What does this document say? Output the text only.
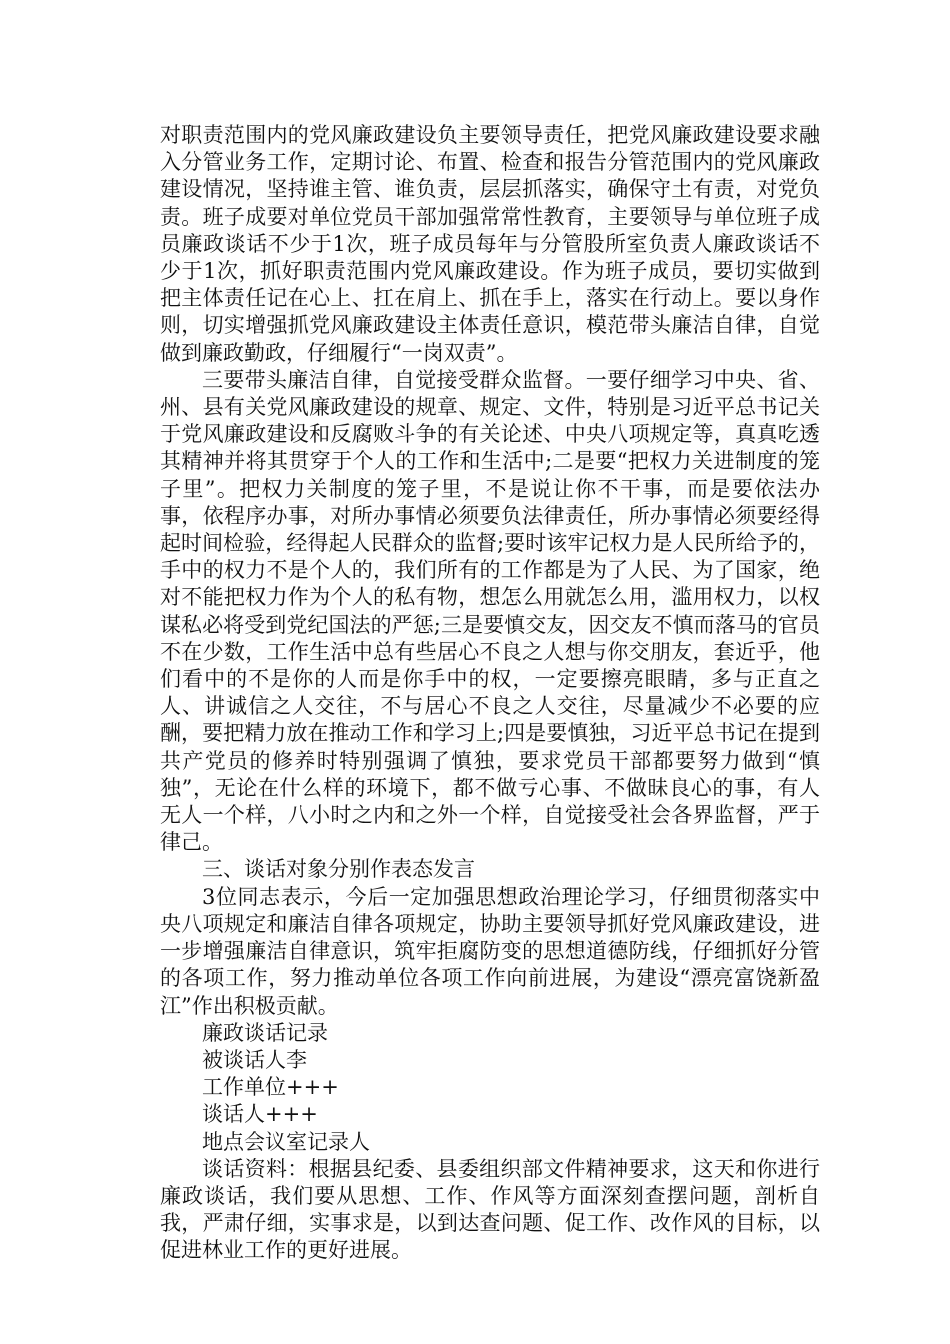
对职责范围内的党风廉政建设负主要领导责任，把党风廉政建设要求融入分管业务工作，定期讨论、布置、检查和报告分管范围内的党风廉政建设情况，坚持谁主管、谁负责，层层抓落实，确保守土有责，对党负责。班子成要对单位党员干部加强常常性教育，主要领导与单位班子成员廉政谈话不少于1次，班子成员每年与分管股所室负责人廉政谈话不少于1次，抓好职责范围内党风廉政建设。作为班子成员，要切实做到把主体责任记在心上、扛在肩上、抓在手上，落实在行动上。要以身作则，切实增强抓党风廉政建设主体责任意识，模范带头廉洁自律，自觉做到廉政勤政，仔细履行“一岗双责”。

三要带头廉洁自律，自觉接受群众监督。一要仔细学习中央、省、州、县有关党风廉政建设的规章、规定、文件，特别是习近平总书记关于党风廉政建设和反腐败斗争的有关论述、中央八项规定等，真真吃透其精神并将其贯穿于个人的工作和生活中;二是要“把权力关进制度的笼子里”。把权力关制度的笼子里，不是说让你不干事，而是要依法办事，依程序办事，对所办事情必须要负法律责任，所办事情必须要经得起时间检验，经得起人民群众的监督;要时该牢记权力是人民所给予的，手中的权力不是个人的，我们所有的工作都是为了人民、为了国家，绝对不能把权力作为个人的私有物，想怎么用就怎么用，滥用权力，以权谋私必将受到党纪国法的严惩;三是要慎交友，因交友不慎而落马的官员不在少数，工作生活中总有些居心不良之人想与你交朋友，套近乎，他们看中的不是你的人而是你手中的权，一定要擦亮眼睛，多与正直之人、讲诚信之人交往，不与居心不良之人交往，尽量减少不必要的应酬，要把精力放在推动工作和学习上;四是要慎独，习近平总书记在提到共产党员的修养时特别强调了慎独，要求党员干部都要努力做到“慎独”，无论在什么样的环境下，都不做亏心事、不做昧良心的事，有人无人一个样，八小时之内和之外一个样，自觉接受社会各界监督，严于律己。

三、谈话对象分别作表态发言

3位同志表示，今后一定加强思想政治理论学习，仔细贯彻落实中央八项规定和廉洁自律各项规定，协助主要领导抓好党风廉政建设，进一步增强廉洁自律意识，筑牢拒腐防变的思想道德防线，仔细抓好分管的各项工作，努力推动单位各项工作向前进展，为建设“漂亮富饶新盈江”作出积极贡献。

廉政谈话记录

被谈话人李

工作单位+++

谈话人+++

地点会议室记录人

谈话资料：根据县纪委、县委组织部文件精神要求，这天和你进行廉政谈话，我们要从思想、工作、作风等方面深刻查摆问题，剖析自我，严肃仔细，实事求是，以到达查问题、促工作、改作风的目标，以促进林业工作的更好进展。
